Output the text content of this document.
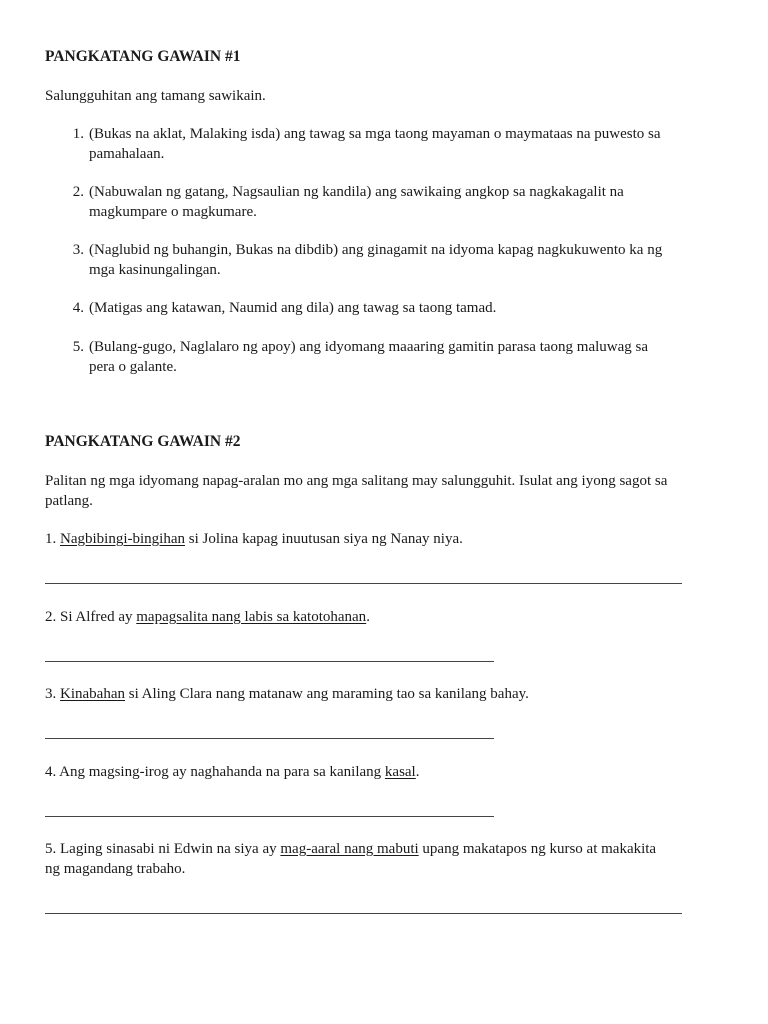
PANGKATANG GAWAIN #1
Salungguhitan ang tamang sawikain.
1. (Bukas na aklat, Malaking isda) ang tawag sa mga taong mayaman o maymataas na puwesto sa
pamahalaan.
2. (Nabuwalan ng gatang, Nagsaulian ng kandila) ang sawikaing angkop sa nagkakagalit na
magkumpare o magkumare.
3. (Naglubid ng buhangin, Bukas na dibdib) ang ginagamit na idyoma kapag nagkukuwento ka ng
mga kasinungalingan.
4. (Matigas ang katawan, Naumid ang dila) ang tawag sa taong tamad.
5. (Bulang-gugo, Naglalaro ng apoy) ang idyomang maaaring gamitin parasa taong maluwag sa
pera o galante.
PANGKATANG GAWAIN #2
Palitan ng mga idyomang napag-aralan mo ang mga salitang may salungguhit. Isulat ang iyong sagot sa
patlang.
1. Nagbibingi-bingihan si Jolina kapag inuutusan siya ng Nanay niya.
2. Si Alfred ay mapagsalita nang labis sa katotohanan.
3. Kinabahan si Aling Clara nang matanaw ang maraming tao sa kanilang bahay.
4. Ang magsing-irog ay naghahanda na para sa kanilang kasal.
5. Laging sinasabi ni Edwin na siya ay mag-aaral nang mabuti upang makatapos ng kurso at makakita
ng magandang trabaho.
